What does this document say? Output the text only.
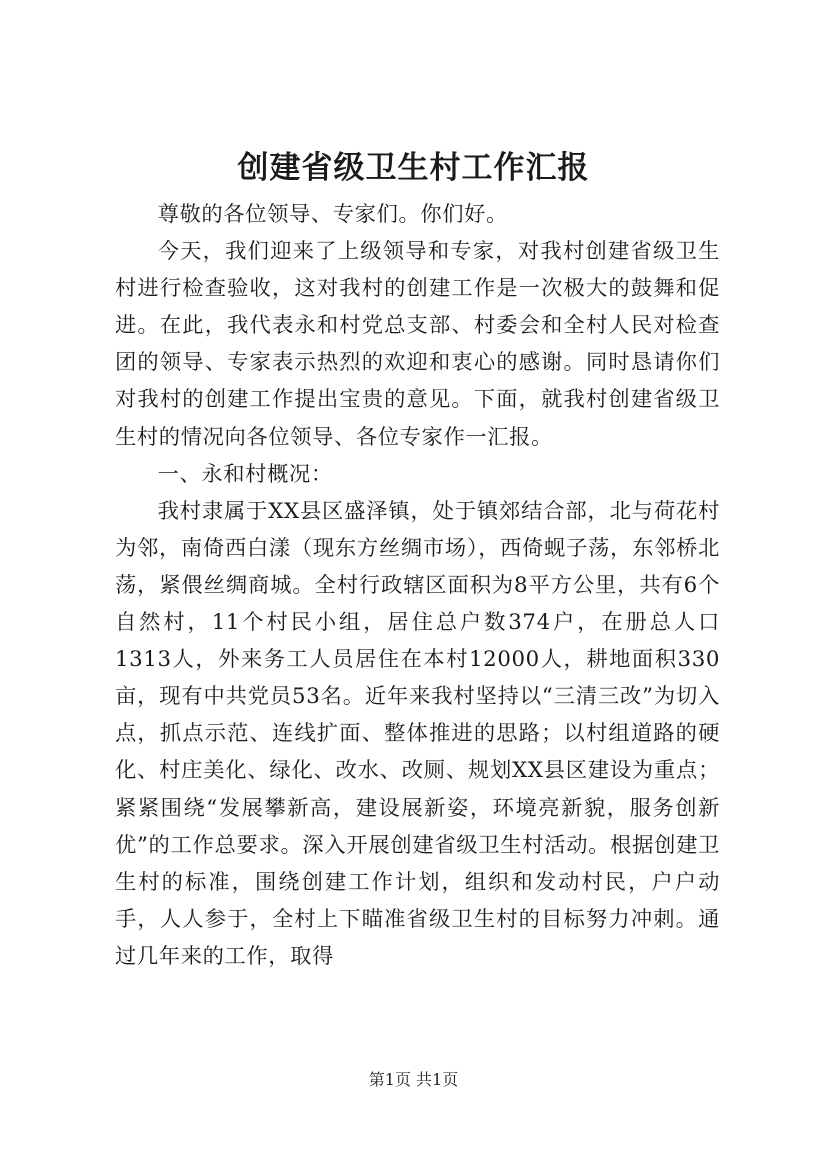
创建省级卫生村工作汇报

尊敬的各位领导、专家们。你们好。

今天，我们迎来了上级领导和专家，对我村创建省级卫生村进行检查验收，这对我村的创建工作是一次极大的鼓舞和促进。在此，我代表永和村党总支部、村委会和全村人民对检查团的领导、专家表示热烈的欢迎和衷心的感谢。同时恳请你们对我村的创建工作提出宝贵的意见。下面，就我村创建省级卫生村的情况向各位领导、各位专家作一汇报。

一、永和村概况：

我村隶属于XX县区盛泽镇，处于镇郊结合部，北与荷花村为邻，南倚西白漾（现东方丝绸市场），西倚蚬子荡，东邻桥北荡，紧偎丝绸商城。全村行政辖区面积为8平方公里，共有6个自然村，11个村民小组，居住总户数374户，在册总人口1313人，外来务工人员居住在本村12000人，耕地面积330亩，现有中共党员53名。近年来我村坚持以“三清三改”为切入点，抓点示范、连线扩面、整体推进的思路；以村组道路的硬化、村庄美化、绿化、改水、改厕、规划XX县区建设为重点；紧紧围绕“发展攀新高，建设展新姿，环境亮新貌，服务创新优”的工作总要求。深入开展创建省级卫生村活动。根据创建卫生村的标准，围绕创建工作计划，组织和发动村民，户户动手，人人参于，全村上下瞄准省级卫生村的目标努力冲刺。通过几年来的工作，取得

第1页 共1页
